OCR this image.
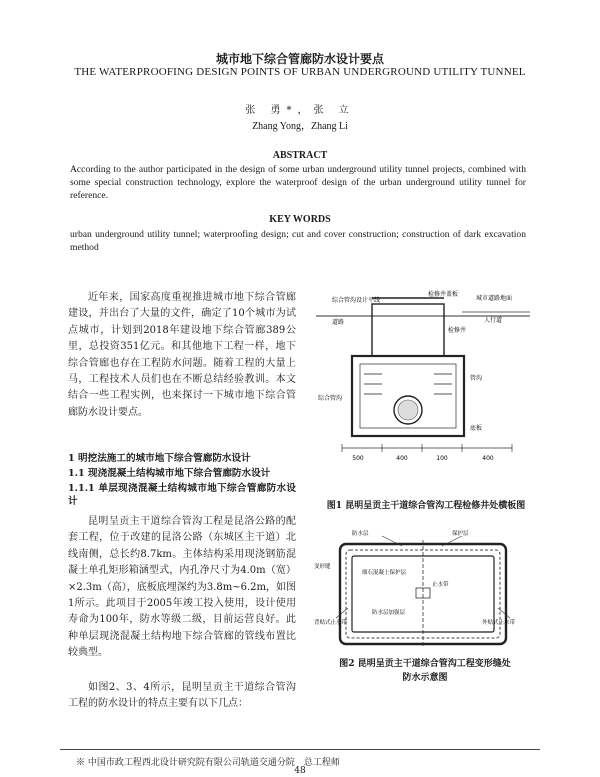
城市地下综合管廊防水设计要点
THE WATERPROOFING DESIGN POINTS OF URBAN UNDERGROUND UTILITY TUNNEL
张 勇*，张 立
Zhang Yong，Zhang Li
ABSTRACT
According to the author participated in the design of some urban underground utility tunnel projects, combined with some special construction technology, explore the waterproof design of the urban underground utility tunnel for reference.
KEY WORDS
urban underground utility tunnel; waterproofing design; cut and cover construction; construction of dark excavation method

近年来，国家高度重视推进城市地下综合管廊建设，并出台了大量的文件，确定了10个城市为试点城市，计划到2018年建设地下综合管廊389公里，总投资351亿元。和其他地下工程一样，地下综合管廊也存在工程防水问题。随着工程的大量上马，工程技术人员们也在不断总结经验教训。本文结合一些工程实例，也来探讨一下城市地下综合管廊防水设计要点。

1 明挖法施工的城市地下综合管廊防水设计
1.1 现浇混凝土结构城市地下综合管廊防水设计
1.1.1 单层现浇混凝土结构城市地下综合管廊防水设计

昆明呈贡主干道综合管沟工程是昆洛公路的配套工程，位于改建的昆洛公路（东城区主干道）北线南侧，总长约8.7km。主体结构采用现浇钢筋混凝土单孔矩形箱涵型式，内孔净尺寸为4.0m（宽）×2.3m（高），底板底埋深约为3.8m~6.2m，如图1所示。此项目于2005年竣工投入使用，设计使用寿命为100年，防水等级二级，目前运营良好。此种单层现浇混凝土结构地下综合管廊的管线布置比较典型。

如图2、3、4所示，昆明呈贡主干道综合管沟工程的防水设计的特点主要有以下几点：

综合管沟设计平线
检修井盖板
城市道路地面
人行道
道路
检修井
管沟
底板
综合管沟
500	400	100	400
图1 昆明呈贡主干道综合管沟工程检修井处横板图
防水层	保护层
变形缝
止水带
细石混凝土保护层
背贴式止水带	外贴式止水带
防水层加强层
图2 昆明呈贡主干道综合管沟工程变形缝处
防水示意图
※ 中国市政工程西北设计研究院有限公司轨道交通分院　总工程师
48
